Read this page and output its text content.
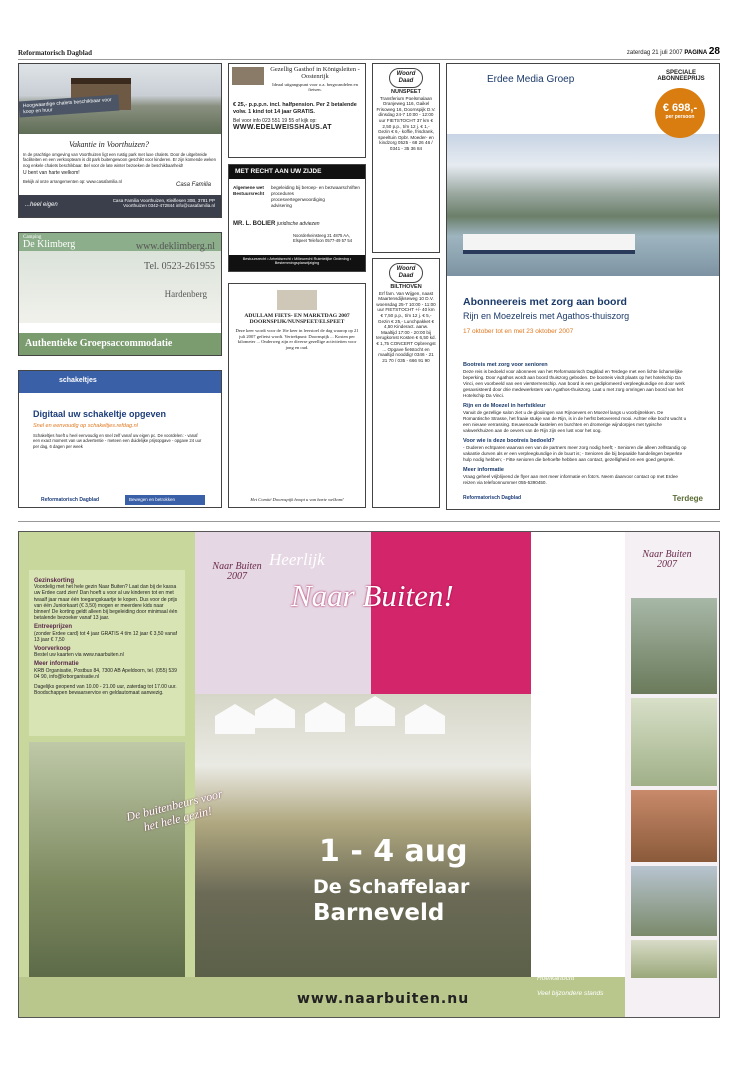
Reformatorisch Dagblad	zaterdag 21 juli 2007 PAGINA 28
Hoogwaardige chalets beschikbaar voor koop en huur
Vakantie in Voorthuizen?
In de prachtige omgeving van Voorthuizen ligt een rustig park met luxe chalets. Door de uitgebreide faciliteiten en een verkoopteam is dit park buitengewoon geschikt voor kinderen. Er zijn komende weken nog enkele chalets beschikbaar. Bel voor de late winter bezoeken de beschikbaarheid!
U bent van harte welkom!
Bekijk al onze arrangementen op: www.casafamilia.nl
Casa Familia
...heel eigen
Casa Familia Voorthuizen, Kleiflesen 30B, 3781 PP
Voorthuizen 0342-472844 info@casafamilia.nl
Camping
De Klimberg	www.deklimberg.nl
Tel. 0523-261955
Hardenberg
Authentieke Groepsaccommodatie
schakeltjes
Digitaal uw schakeltje opgeven
Snel en eenvoudig op schakeltjes.refdag.nl
Schakeltjes hoeft u heel eenvoudig en snel zelf vanaf uw eigen pc. De voordelen: - vanaf een exact moment van uw advertentie - meteen een duidelijke prijsopgave - opgave 24 uur per dag, 6 dagen per week
Reformatorisch Dagblad	Bewegen en betrokken
Gezellig Gasthof in Königsleiten - Oostenrijk
Ideaal uitgangspunt voor o.a. bergwandelen en fietsen.
€ 25,- p.p.p.n. incl. halfpension. Per 2 betalende volw. 1 kind tot 14 jaar GRATIS.
Bel voor info 023 551 19 55 of kijk op:
WWW.EDELWEISSHAUS.AT
MET RECHT AAN UW ZIJDE
Algemene wet Bestuursrecht
begeleiding bij beroep- en bezwaarschriften procedures
procesvertegenwoordiging
advisering
MR. L. BOLIER juridische adviezen
Noorderkeinsteeg 21 4875 AA, Elspeet Telefoon 0577-49 57 54
Bestuursrecht • Arbeidsrecht • Milieurecht Ruimtelijke Ordening • Bestemmingsplanwijziging
ADULLAM FIETS- EN MARKTDAG 2007
DOORNSPIJK/NUNSPEET/ELSPEET
Deze keer wordt voor de 16e keer in leerstoel de dag waarop op 21 juli 2007 gefietst wordt. Vertrekpunt: Doornspijk ... Kosten per kilometer ... Onderweg zijn er diverse gezellige activiteiten voor jong en oud.
Het Comité Doornspijk hoopt u van harte welkom!
Woord Daad
NUNSPEET
Transferium Poelsmalaan Oranjeweg 116, Gaikel Frisoweg 16, Doornspijk D.V. dinsdag 24-7 10:00 - 12:00 uur FIETSTOCHT 37 km € 2,50 p.p., t/m 12 j. € 1,- Gezin € 6,- koffie, frisdrank, speeltuin Opbr. Moeder- en kindzorg 0525 - 68 26 46 / 0341 - 35 36 84
Woord Daad
BILTHOVEN
Erf fam. Van Wijgen, naast Maartensdijkseweg 10 D.V. woensdag 25-7 10:00 - 11:00 uur FIETSTOCHT +/- 40 km € 7,50 p.p., t/m 12 j. € 5,- Gezin € 25,- Lunchpakket € 4,50 Kinderact. aanw. Maaltijd 17:00 - 20:00 bij terugkomst Kosten € 6,50 kd. € 1,75 CONCERT Opbrengst ... Opgave fietstocht en maaltijd nooddig! 0346 - 21 21 70 / 035 - 666 91 90
Erdee Media Groep
SPECIALE ABONNEEPRIJS
€ 698,-
per persoon
Abonneereis met zorg aan boord
Rijn en Moezelreis met Agathos-thuiszorg
17 oktober tot en met 23 oktober 2007
Bootreis met zorg voor senioren

Deze reis is bedoeld voor abonnees van het Reformatorisch Dagblad en Terdege met een lichte lichamelijke beperking. Door Agathos wordt aan boord thuiszorg geboden. De bootreis vindt plaats op het hotelschip Da Vinci, een voorbeeld van een viersterrenschip. Aan boord is een gediplomeerd verpleegkundige en door werk gesaxsisteerd door drie medewerksters van Agathos-thuiszorg. Laat u met zorg omringen aan boord van het Hotelschip Da Vinci.

Rijn en de Moezel in herfstkleur

Vanuit de gezellige salon ziet u de glooiingen van Rijnoevers en Moezel langs u voorbijtrekken. De Romantische Strasse, het fraaie stukje van de Rijn, is in de herfst betoverend mooi. Achter elke bocht wacht u een nieuwe verrassing. Eeuwenoude kastelen en burchten en dromerige wijndorpjes met typische vakwerkhuizen aan de oevers van de Rijn zijn een lust voor het oog.

Voor wie is deze bootreis bedoeld?

- Ouderen echtparen waarvan een van de partners meer zorg nodig heeft; - Senioren die alleen zelfstandig op vakantie durven als er een verpleegkundige in de buurt is; - Senioren die bij bepaalde handelingen beperkte hulp nodig hebben; - Fitte senioren die behoefte hebben aan contact, gezelligheid en een goed gesprek.

Meer informatie

Vraag geheel vrijblijvend de flyer aan met meer informatie en foto's. Neem daarvoor contact op met Erdee reizen via telefoonnummer 055-5390450.

Reformatorisch Dagblad	Terdege
Gezinskorting
Voordelig met het hele gezin Naar Buiten? Laat dan bij de kassa uw Erdee card zien! Dan hoeft u voor al uw kinderen tot en met twaalf jaar maar één toegangskaartje te kopen. Dus voor de prijs van één Juniorkaart (€ 3,50) mogen er meerdere kids naar binnen! De korting geldt alleen bij begeleiding door minimaal één betalende bezoeker vanaf 13 jaar.
Entreeprijzen
(zonder Erdee card) tot 4 jaar GRATIS 4 t/m 12 jaar € 3,50 vanaf 13 jaar € 7,50
Voorverkoop
Bestel uw kaarten via www.naarbuiten.nl
Meer informatie
KRB Organisatie, Postbus 84, 7300 AB Apeldoorn, tel. (055) 539 04 90, info@krborganisatie.nl
Dagelijks geopend van 10.00 - 21.00 uur, zaterdag tot 17.00 uur. Boodschappen bewaarservice en geldautomaat aanwezig.
Naar Buiten 2007
Heerlijk
Naar Buiten!
De buitenbeurs voor het hele gezin!
1 - 4 aug
De Schaffelaar
Barneveld
www.naarbuiten.nu
Broekhuis 4x4 Event
Politiepaardentraining
Expositie oldtimer bromfietsen
Tien-span Shire-paarden
Muziek- en Tamboerkorps
Schapendrijven
Tiroler Schnitzel Stube
Demo Brandpreventie
Speelweide
Zomeravond-samenzang
Nordic Walking
Tuinontwerpwedstrijd
Boerenerf
Win een ballonvaart
Vlot varen
Muzikaal Kinderfeest
Demo motorzaagkunst
Oldtimers
Kinderknutselen
Tuinenroute
Workshops
Jachthoornblazers
Hoefkartocht
Veel bijzondere stands
Naar Buiten 2007
